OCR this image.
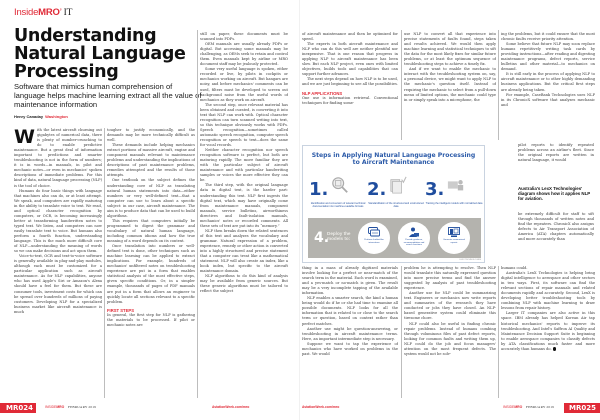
InsideMRO’ IT
Understanding Natural Language Processing
Software that mimics human comprehension of language helps machine learning extract all the value of maintenance information
Henry Canaday Washington

With the latest aircraft churning out gigabytes of numerical data, there is plenty of number-crunching to do to enable predictive maintenance. But a great deal of information important to predictions and smarter troubleshooting is not in the form of numbers; it is in words—in manuals, in pilot and mechanic notes—or even in mechanics' spoken descriptions of immediate problems. For this kind of data, natural language processing (NLP) is the tool of choice.

Humans do four basic things with language that machines also can do, or at least attempt. We speak, and computers are rapidly maturing in the ability to translate voice to text. We read, and optical character recognition by computers, or OCR, is becoming increasingly better at transforming handwritten notes to typed text. We listen, and computers can now easily translate text to voice. But humans also perform a fourth function, understanding language. This is the much more difficult core of NLP—understanding the meaning of words so we can make decisions and act upon them.

Voice-to-text, OCR and text-to-voice software is generally available in plug-and-play modules, although each must be customized for a particular application such as aircraft maintenance. As for NLP capabilities, anyone who has used Apple's Siri or Amazon's Alexa should have a feel for them. But these are consumer tools, investment costs for which can be spread over hundreds of millions of paying customers. Developing NLP for a specialized business market like aircraft maintenance is much

tougher to justify economically, and the demands may be more technically difficult as well.

These demands include helping mechanics extract portions of massive aircraft, engine and component manuals relevant to maintenance problems and understanding the implications of descriptions of past maintenance problems, remedies attempted and the results of those attempts.

One textbook on the subject defines the understanding core of NLP as translating natural human statements into data—either numbers or very well-defined text—that a computer can use to learn about a specific subject: in our case, aircraft maintenance. The aim is to produce data that can be used to build algorithms.

This requires that computers initially be programmed to digest the grammar and vocabulary of natural human language, including common idioms and how the true meaning of a word depends on its context.

Once translation into numbers or well-defined text is done, other techniques such as machine learning can be applied to extract implications. For example, hundreds of mechanics' unfiltered notes on troubleshooting experience are put in a form that enables statistical analysis of the most effective steps, given specific conditions. Or, in a simpler example, thousands of pages of PDF manuals are put in a form that allows an engineer to quickly locate all sections relevant to a specific problem.

FIRST STEPS

In general, the first step for NLP is gathering the materials to be processed. If pilot or mechanic notes are

still on paper, these documents must be scanned into PDFs.

OEM manuals are usually already PDFs or digital. But accessing some manuals may be challenging, as OEMs seek to retain and control them. Even manuals kept by airline or MRO document staff may be jealously protected.

Some very useful language is spoken, either recorded or live, by pilots in cockpits or mechanics working on aircraft. But hangars are noisy, and before mechanics' comments can be used, filters must be developed to screen out background noise from the useful words of mechanics as they work on aircraft.

The second step, once relevant material has been obtained and curated, is converting it into text that NLP can work with. Optical character recognition can turn scanned writing into text, so this technique obviously works with PDFs. Speech recognition—sometimes called automatic speech recognition, computer speech recognition or speech to text—does the same for vocal records.

Neither character recognition nor speech recognition software is perfect, but both are maturing rapidly. The more familiar they are with the particular subject of aircraft maintenance and with particular handwriting samples or voices the more effective they can be.

The third step, with the original language data in digital text, is the harder part: understanding this text. NLP first ingests the digital text, which may have originally come from maintenance manuals, component manuals, service bulletins, airworthiness directives and fault-isolation manuals, mechanics' notes or recorded comments. All these sets of text are put into its “memory.”

NLP then breaks down the related sentences of this text and analyzes the vocabulary and grammar. Natural expression of a problem, experience, remedy or other action is converted into a highly structured and precise statement that a computer can treat like a mathematical statement. NLP will also create an index, like a book index, but specific to the aircraft maintenance domain.

NLP algorithms to do this kind of analysis may be available from generic sources. But these generic algorithms must be tailored to reflect the subject

of aircraft maintenance and then be optimized for speed.

The experts in both aircraft maintenance and NLP who can do this well are neither plentiful nor inexpensive. That is one reason that progress in applying NLP to aircraft maintenance has been slow. But each NLP project, even ones with limited objectives, builds tools and capabilities that can support further advances.

The next steps depend on how NLP is to be used, and we are just beginning to see all the possibilities.

NLP APPLICATIONS

One use is information retrieval. Conventional techniques for finding some-

use NLP to convert all that experience into precise statements of faults found, steps taken and results achieved. We would then apply machine learning and statistical techniques to sift the data for the most likely fixes for similar future problems, or at least the optimum sequence of troubleshooting steps to achieve a timely fix.

And if we want to enable the mechanic to interact with the troubleshooting system on, say, a personal device, we might want to apply NLP to the mechanic's question itself. Instead of requiring the mechanic to select from a pull-down menu of limited options, the mechanic could type in or simply speak into a microphone, the

ing the problems, but it could ensure that the most chronic faults receive priority attention.

Some believe that future NLP may soon replace humans repetitively writing task cards by providing instructions—after reading and digesting maintenance programs, defect reports, service bulletins and other material—to mechanics on demand.

It is still early in the process of applying NLP to aircraft maintenance or to other highly demanding business applications. But the critical first steps are already being taken.

For example, CaseBank Technologies uses NLP in its ChronicX software that analyzes mechanic and

pilot reports to identify repeated problems across an airline's fleet. Since the original reports are written in natural language, it would

Australia's LexX Technologies' diagram shows how it applies NLP for aviation.

be extremely difficult for staff to sift through thousands of written notes and find the repeaters. ChronicX also assigns defects to Air Transport Association of America (ATA) chapters automatically and more accurately than

Steps in Applying Natural Language Processing
to Aircraft Maintenance
1.
Identification and conversion of relevant technical documentation into machine-readable formats
2.
Standardization of the structured and unstructured data
3.
Training the intelligent models with normalized data
4.
Deploy the
models to:	Perform chatbot-like interactions
Provide guidance, recommendation and search functions
Generate summarized reports
LEXX TECHNOLOGIES

thing in a mass of already digitized materials involve looking for a perfect or near-match of the search term in the material. Each word is examined, and a yes-match or no-match is given. The result may be a very incomplete tapping of the available information.

NLP enables a smarter search, the kind a human being would do if he or she had time to examine all possible documents. NLP looks for all the information that is related to or close to the search term or question, based on context rather than perfect matches.

Another use might be question-answering, or troubleshooting in aircraft maintenance terms. Here, an important intermediate step is necessary.

Suppose we want to tap the experience of mechanics who have worked on problems in the past. We would

problem he is attempting to resolve. Then NLP would translate this naturally expressed question into more precise terms and find the answer suggested by analysis of past troubleshooting experience.

Another use for NLP could be summarizing text. Engineers or mechanics now write reports and summaries of the research they have conducted or jobs they have closed. An NLP-based generative system could eliminate this tiresome chore.

NLP could also be useful in finding chronic repair problems. Instead of humans combing through voluminous files of past defect reports, looking for common faults and writing them up, NLP could do the job and focus managers' attention on the most frequent defects. The system would not be solv-

humans could.

Australia's LexX Technologies is helping bring digital intelligence to aerospace and other sectors in two ways. First, its software can find the relevant sections of repair manuals and related documents rapidly and accurately. Second, LexX is developing better troubleshooting tools by combining NLP with machine learning to draw lessons from repair history.

Larger IT companies are also active in this space. IBM already has helped Korean Air tap historical mechanics' reports to improve its troubleshooting. And Intel's Saffron AI Quality and Maintenance Decision Support Suite is beginning to enable aerospace companies to classify defects by ATA classifications much faster and more accurately than humans do.

MR024	INSIDEMRO FEBRUARY 2019	AviationWeek.com/mro	AviationWeek.com/mro	INSIDEMRO FEBRUARY 2019	MR025
